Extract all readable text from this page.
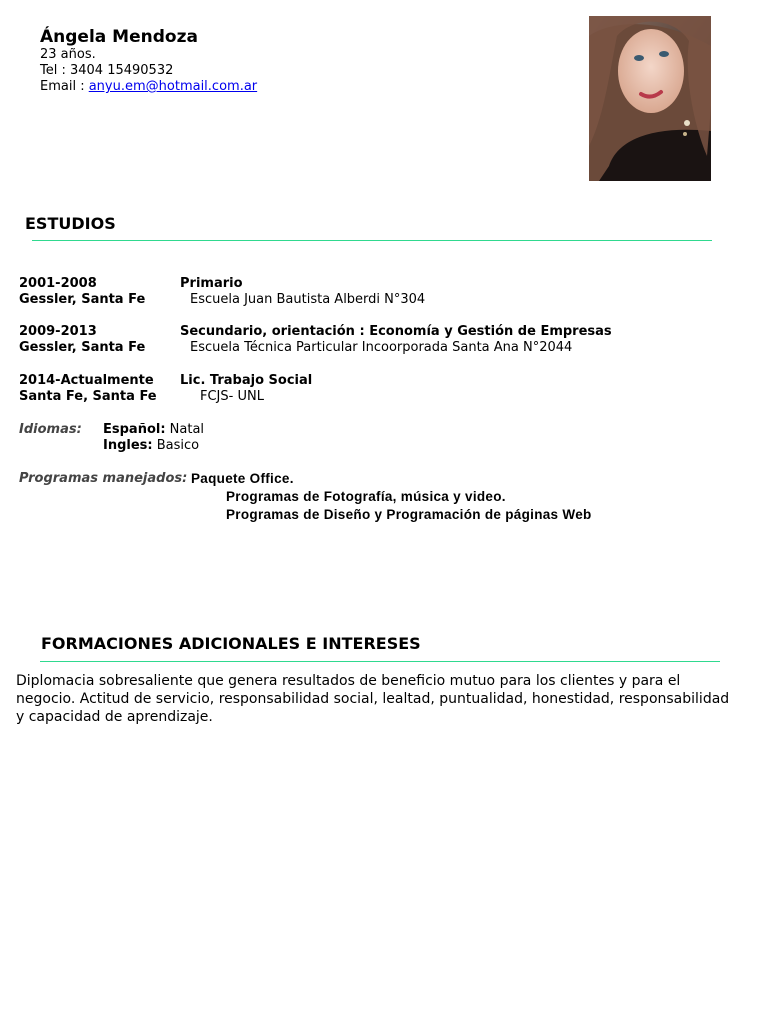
Ángela Mendoza
23 años.
Tel : 3404 15490532
Email : anyu.em@hotmail.com.ar
ESTUDIOS
2001-2008
Gessler, Santa Fe
Primario
Escuela Juan Bautista Alberdi N°304
2009-2013
Gessler, Santa Fe
Secundario, orientación : Economía y Gestión de Empresas
Escuela Técnica Particular Incoorporada Santa Ana N°2044
2014-Actualmente
Santa Fe, Santa Fe
Lic. Trabajo Social
FCJS- UNL
Idiomas: Español: Natal
Ingles: Basico
Programas manejados: Paquete Office.
Programas de Fotografía, música y video.
Programas de Diseño y Programación de páginas Web
FORMACIONES ADICIONALES E INTERESES
Diplomacia sobresaliente que genera resultados de beneficio mutuo para los clientes y para el negocio. Actitud de servicio, responsabilidad social, lealtad, puntualidad, honestidad, responsabilidad y capacidad de aprendizaje.
